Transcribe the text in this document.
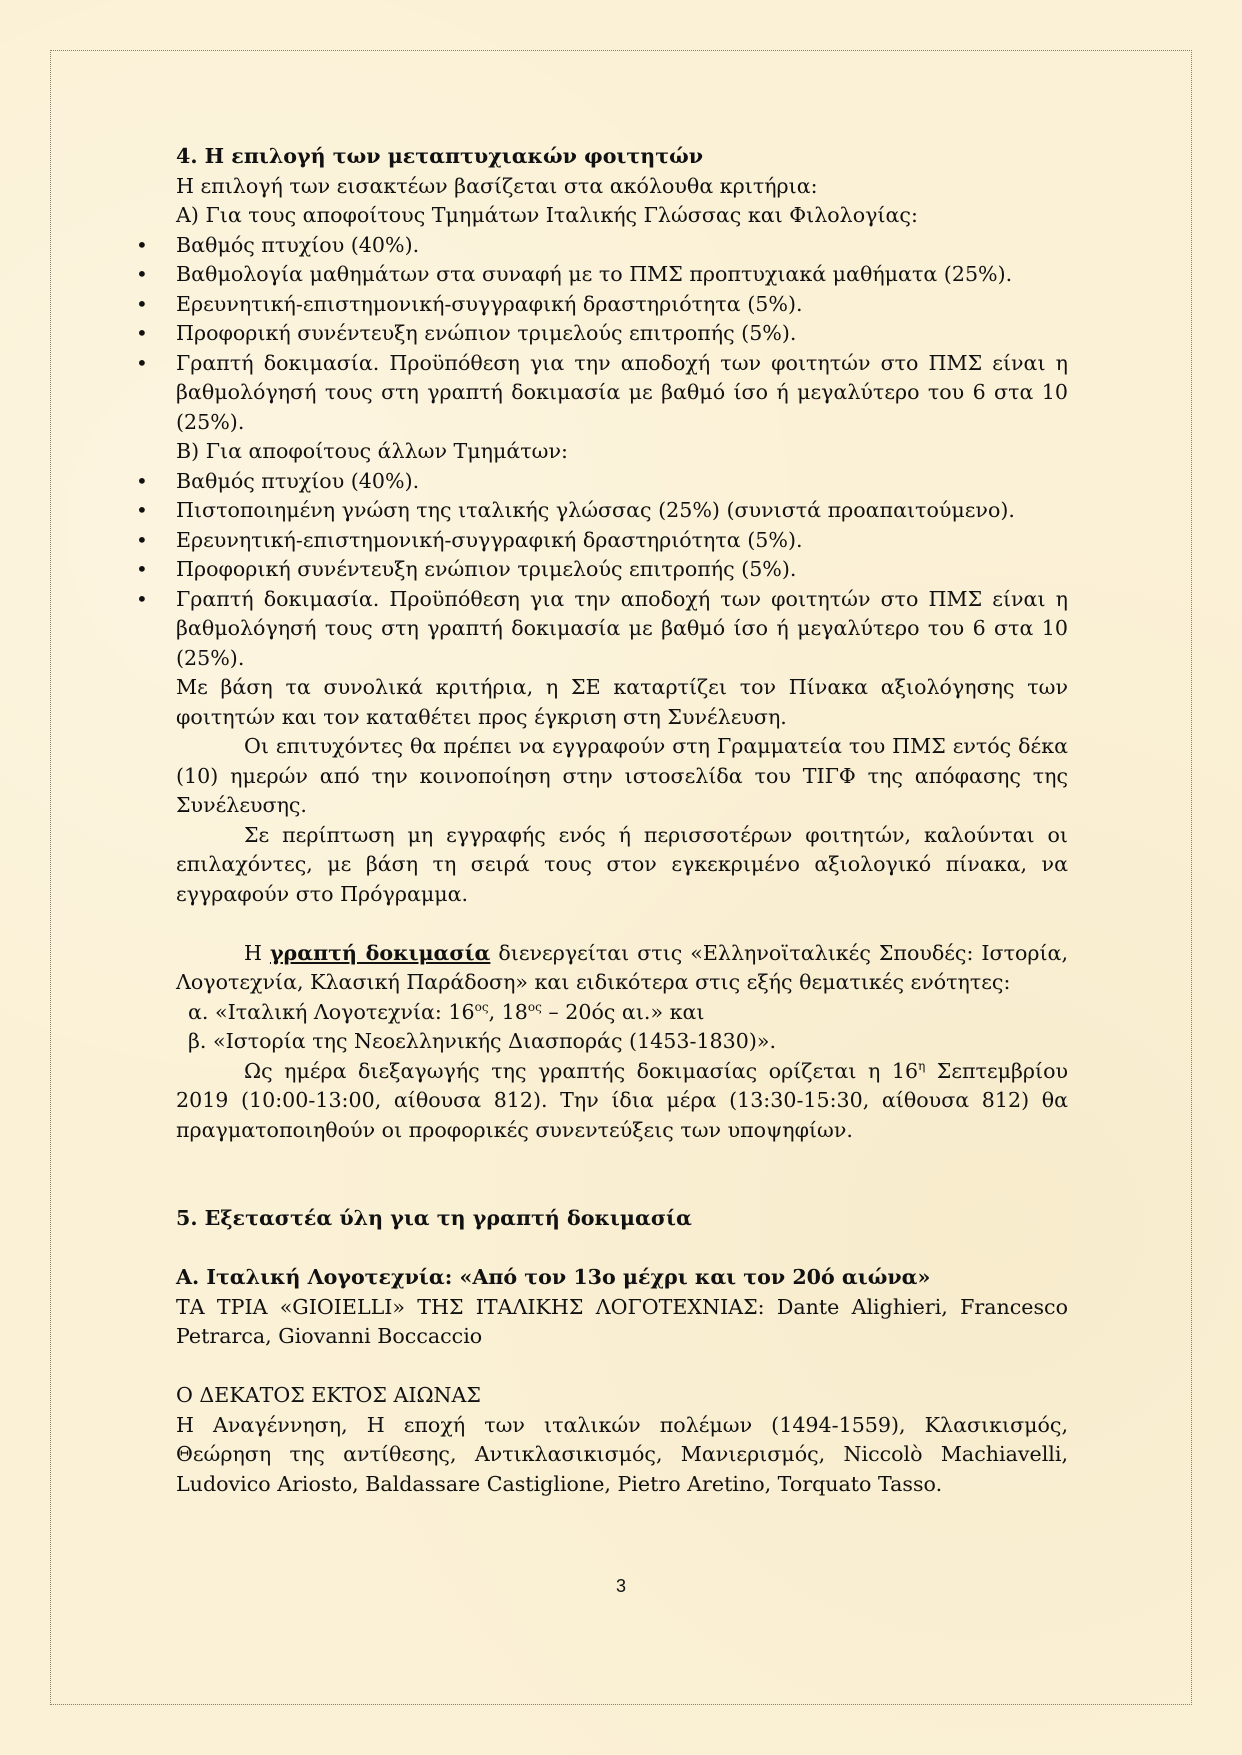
4. Η επιλογή των μεταπτυχιακών φοιτητών

Η επιλογή των εισακτέων βασίζεται στα ακόλουθα κριτήρια:

Α) Για τους αποφοίτους Τμημάτων Ιταλικής Γλώσσας και Φιλολογίας:

• Βαθμός πτυχίου (40%).
• Βαθμολογία μαθημάτων στα συναφή με το ΠΜΣ προπτυχιακά μαθήματα (25%).
• Ερευνητική-επιστημονική-συγγραφική δραστηριότητα (5%).
• Προφορική συνέντευξη ενώπιον τριμελούς επιτροπής (5%).
• Γραπτή δοκιμασία. Προϋπόθεση για την αποδοχή των φοιτητών στο ΠΜΣ είναι η βαθμολόγησή τους στη γραπτή δοκιμασία με βαθμό ίσο ή μεγαλύτερο του 6 στα 10 (25%).

Β) Για αποφοίτους άλλων Τμημάτων:

• Βαθμός πτυχίου (40%).
• Πιστοποιημένη γνώση της ιταλικής γλώσσας (25%) (συνιστά προαπαιτούμενο).
• Ερευνητική-επιστημονική-συγγραφική δραστηριότητα (5%).
• Προφορική συνέντευξη ενώπιον τριμελούς επιτροπής (5%).
• Γραπτή δοκιμασία. Προϋπόθεση για την αποδοχή των φοιτητών στο ΠΜΣ είναι η βαθμολόγησή τους στη γραπτή δοκιμασία με βαθμό ίσο ή μεγαλύτερο του 6 στα 10 (25%).

Με βάση τα συνολικά κριτήρια, η ΣΕ καταρτίζει τον Πίνακα αξιολόγησης των φοιτητών και τον καταθέτει προς έγκριση στη Συνέλευση.

Οι επιτυχόντες θα πρέπει να εγγραφούν στη Γραμματεία του ΠΜΣ εντός δέκα (10) ημερών από την κοινοποίηση στην ιστοσελίδα του ΤΙΓΦ της απόφασης της Συνέλευσης.

Σε περίπτωση μη εγγραφής ενός ή περισσοτέρων φοιτητών, καλούνται οι επιλαχόντες, με βάση τη σειρά τους στον εγκεκριμένο αξιολογικό πίνακα, να εγγραφούν στο Πρόγραμμα.

Η γραπτή δοκιμασία διενεργείται στις «Ελληνοϊταλικές Σπουδές: Ιστορία, Λογοτεχνία, Κλασική Παράδοση» και ειδικότερα στις εξής θεματικές ενότητες:

α. «Ιταλική Λογοτεχνία: $16^{o\varsigma}$, $18^{o\varsigma} - 20ό\varsigma$ αι.» και

β. «Ιστορία της Νεοελληνικής Διασποράς (1453-1830)».

Ως ημέρα διεξαγωγής της γραπτής δοκιμασίας ορίζεται η $16^\eta$ Σεπτεμβρίου 2019 (10:00-13:00, αίθουσα 812). Την ίδια μέρα (13:30-15:30, αίθουσα 812) θα πραγματοποιηθούν οι προφορικές συνεντεύξεις των υποψηφίων.

5. Εξεταστέα ύλη για τη γραπτή δοκιμασία

Α. Ιταλική Λογοτεχνία: «Από τον 13ο μέχρι και τον 20ό αιώνα»

ΤΑ ΤΡΙΑ «GIOIELLI» ΤΗΣ ΙΤΑΛΙΚΗΣ ΛΟΓΟΤΕΧΝΙΑΣ: Dante Alighieri, Francesco Petrarca, Giovanni Boccaccio

Ο ΔΕΚΑΤΟΣ ΕΚΤΟΣ ΑΙΩΝΑΣ

Η Αναγέννηση, Η εποχή των ιταλικών πολέμων (1494-1559), Κλασικισμός, Θεώρηση της αντίθεσης, Αντικλασικισμός, Μανιερισμός, Niccolò Machiavelli, Ludovico Ariosto, Baldassare Castiglione, Pietro Aretino, Torquato Tasso.

3
